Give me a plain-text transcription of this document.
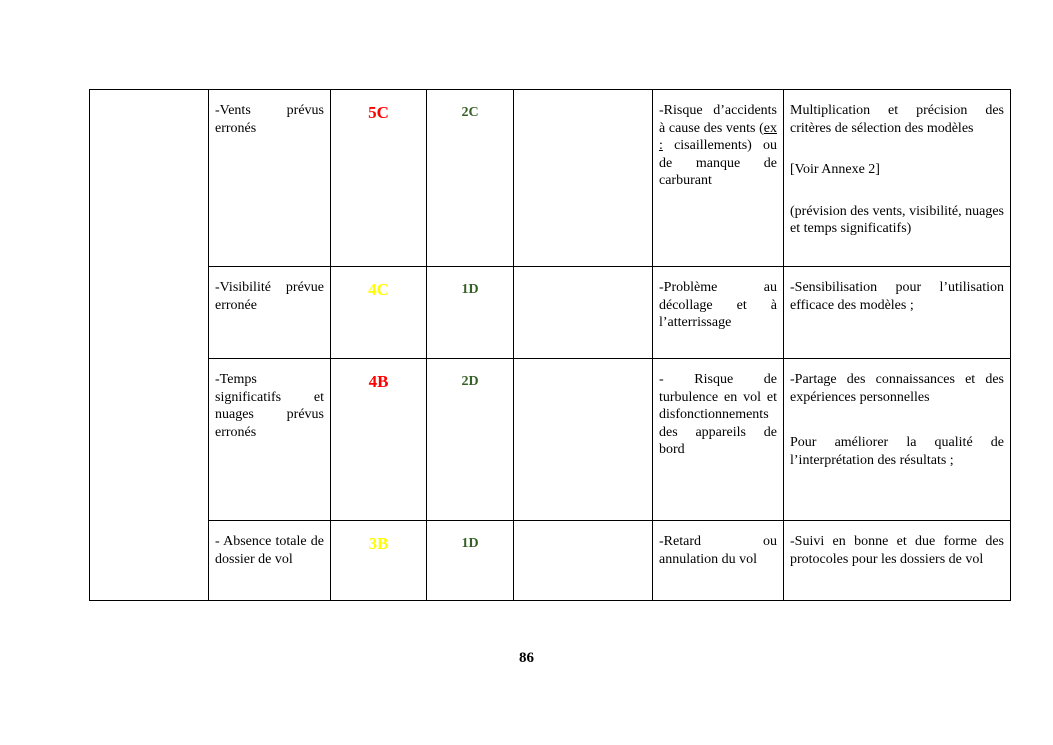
	-Vents prévus erronés	5C	2C		-Risque d’accidents à cause des vents (ex : cisaillements) ou de manque de carburant	Multiplication et précision des critères de sélection des modèles

[Voir Annexe 2]

(prévision des vents, visibilité, nuages et temps significatifs)

	-Visibilité prévue erronée	4C	1D		-Problème au décollage et à l’atterrissage	-Sensibilisation pour l’utilisation efficace des modèles ;

	-Temps significatifs et nuages prévus erronés	4B	2D		- Risque de turbulence en vol et disfonctionnements des appareils de bord	-Partage des connaissances et des expériences personnelles

Pour améliorer la qualité de l’interprétation des résultats ;

	- Absence totale de dossier de vol	3B	1D		-Retard ou annulation du vol	-Suivi en bonne et due forme des protocoles pour les dossiers de vol

86
